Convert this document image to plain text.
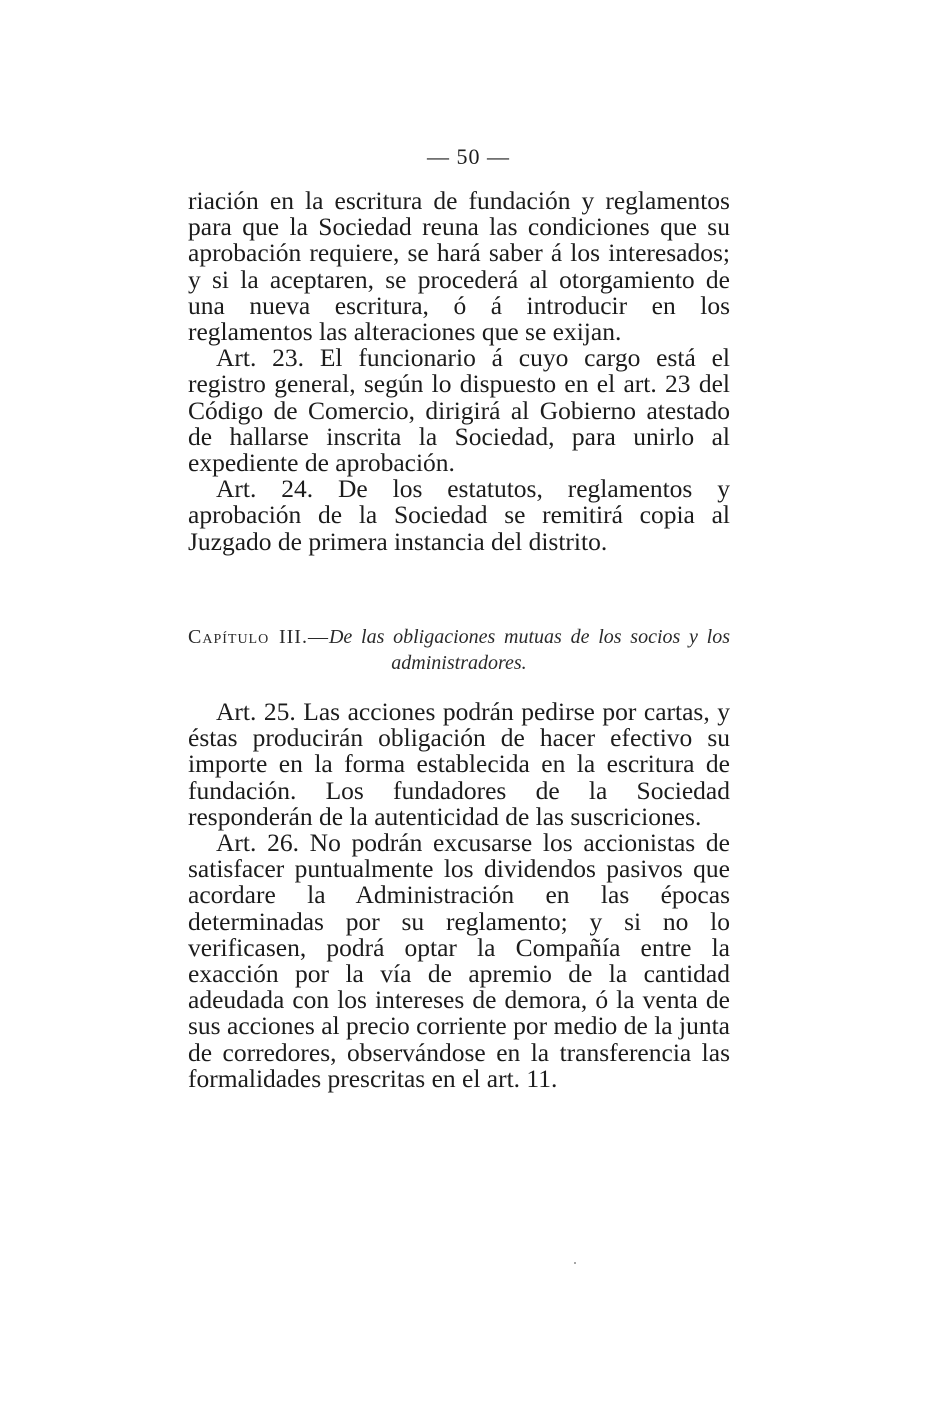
— 50 —

riación en la escritura de fundación y reglamentos para que la Sociedad reuna las condiciones que su aprobación requiere, se hará saber á los interesados; y si la aceptaren, se procederá al otorgamiento de una nueva escritura, ó á introducir en los reglamentos las alteraciones que se exijan.

Art. 23. El funcionario á cuyo cargo está el registro general, según lo dispuesto en el art. 23 del Código de Comercio, dirigirá al Gobierno atestado de hallarse inscrita la Sociedad, para unirlo al expediente de aprobación.

Art. 24. De los estatutos, reglamentos y aprobación de la Sociedad se remitirá copia al Juzgado de primera instancia del distrito.

Capítulo III.—De las obligaciones mutuas de los socios y los administradores.

Art. 25. Las acciones podrán pedirse por cartas, y éstas producirán obligación de hacer efectivo su importe en la forma establecida en la escritura de fundación. Los fundadores de la Sociedad responderán de la autenticidad de las suscriciones.

Art. 26. No podrán excusarse los accionistas de satisfacer puntualmente los dividendos pasivos que acordare la Administración en las épocas determinadas por su reglamento; y si no lo verificasen, podrá optar la Compañía entre la exacción por la vía de apremio de la cantidad adeudada con los intereses de demora, ó la venta de sus acciones al precio corriente por medio de la junta de corredores, observándose en la transferencia las formalidades prescritas en el art. 11.
